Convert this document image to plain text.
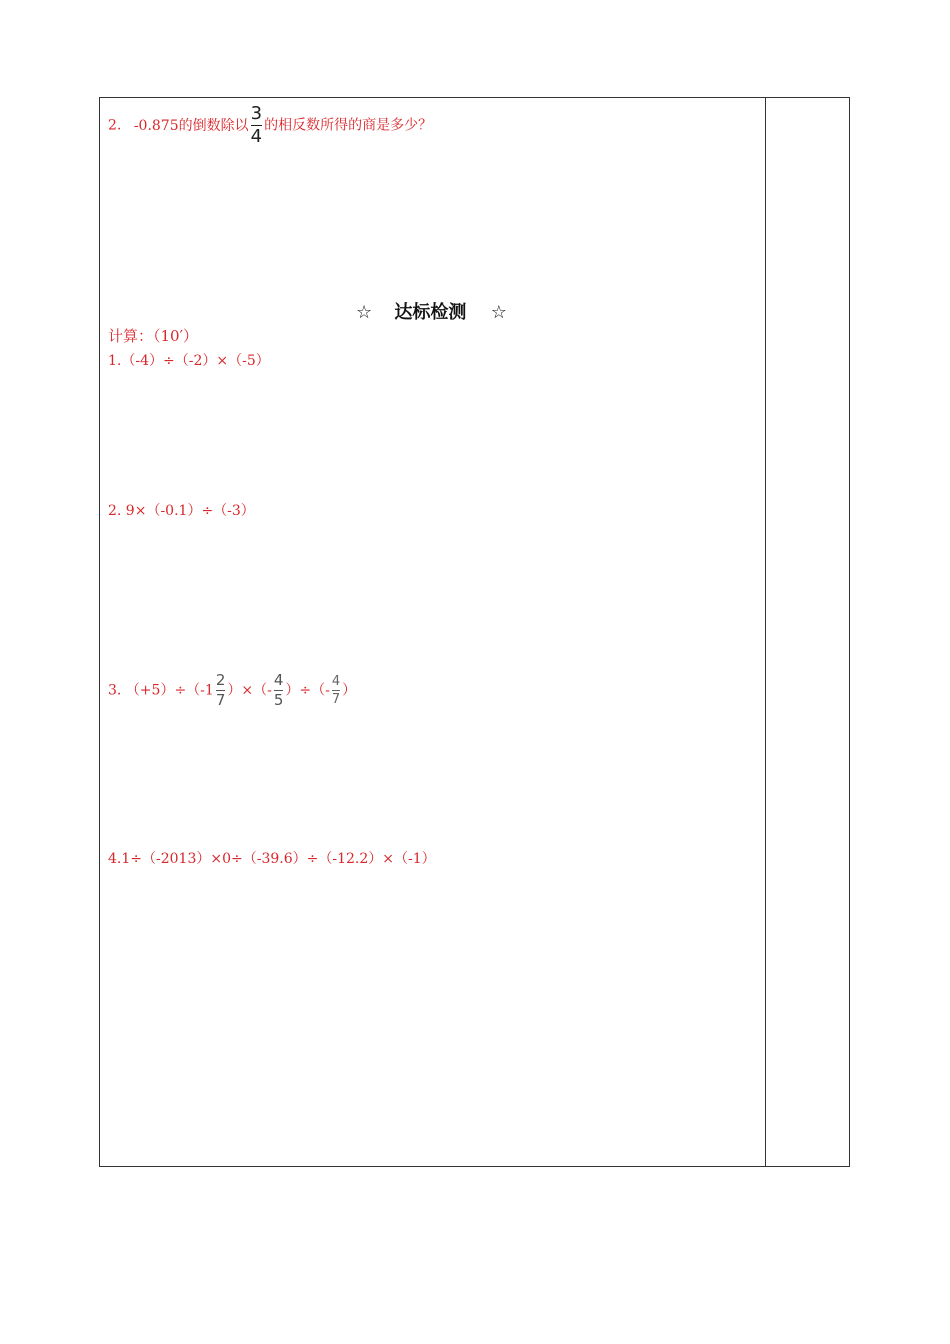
2. -0.875的倒数除以 $\frac{3}{4}$ 的相反数所得的商是多少？
☆ 达标检测 ☆
计算：（10′）
1.（-4）÷（-2）×（-5）
2. 9×（-0.1）÷（-3）
3. $(+5)\div(-1 \frac{2}{7}$ ）×（- $\frac{4}{5}$ ）÷（- $\frac{4}{7}$ ）
4.1÷（-2013）×0÷（-39.6）÷（-12.2）×（-1）
